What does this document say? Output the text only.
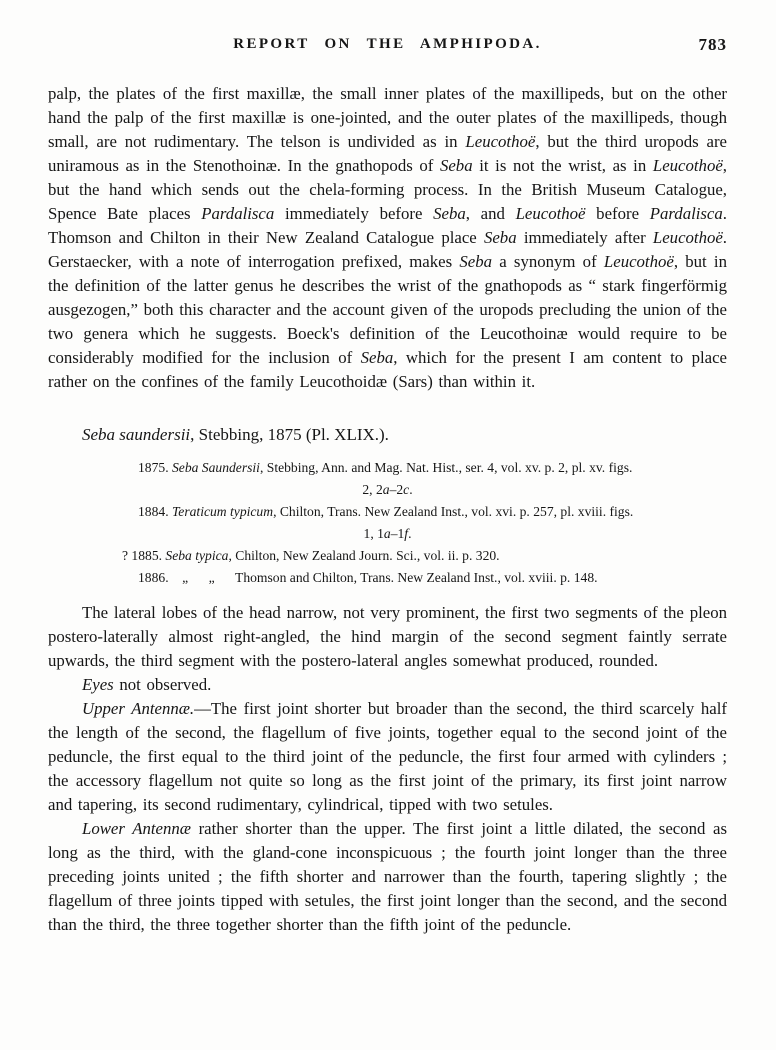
REPORT ON THE AMPHIPODA.	783

palp, the plates of the first maxillæ, the small inner plates of the maxillipeds, but on the other hand the palp of the first maxillæ is one-jointed, and the outer plates of the maxillipeds, though small, are not rudimentary. The telson is undivided as in Leucothoë, but the third uropods are uniramous as in the Stenothoinæ. In the gnathopods of Seba it is not the wrist, as in Leucothoë, but the hand which sends out the chela-forming process. In the British Museum Catalogue, Spence Bate places Pardalisca immediately before Seba, and Leucothoë before Pardalisca. Thomson and Chilton in their New Zealand Catalogue place Seba immediately after Leucothoë. Gerstaecker, with a note of interrogation prefixed, makes Seba a synonym of Leucothoë, but in the definition of the latter genus he describes the wrist of the gnathopods as “ stark fingerförmig ausgezogen,” both this character and the account given of the uropods precluding the union of the two genera which he suggests. Boeck's definition of the Leucothoinæ would require to be considerably modified for the inclusion of Seba, which for the present I am content to place rather on the confines of the family Leucothoidæ (Sars) than within it.

Seba saundersii, Stebbing, 1875 (Pl. XLIX.).
1875. Seba Saundersii, Stebbing, Ann. and Mag. Nat. Hist., ser. 4, vol. xv. p. 2, pl. xv. figs.
2, 2a–2c.
1884. Teraticum typicum, Chilton, Trans. New Zealand Inst., vol. xvi. p. 257, pl. xviii. figs.
1, 1a–1f.
? 1885. Seba typica, Chilton, New Zealand Journ. Sci., vol. ii. p. 320.
1886. „   „   Thomson and Chilton, Trans. New Zealand Inst., vol. xviii. p. 148.

The lateral lobes of the head narrow, not very prominent, the first two segments of the pleon postero-laterally almost right-angled, the hind margin of the second segment faintly serrate upwards, the third segment with the postero-lateral angles somewhat produced, rounded.

Eyes not observed.

Upper Antennæ.—The first joint shorter but broader than the second, the third scarcely half the length of the second, the flagellum of five joints, together equal to the second joint of the peduncle, the first equal to the third joint of the peduncle, the first four armed with cylinders ; the accessory flagellum not quite so long as the first joint of the primary, its first joint narrow and tapering, its second rudimentary, cylindrical, tipped with two setules.

Lower Antennæ rather shorter than the upper. The first joint a little dilated, the second as long as the third, with the gland-cone inconspicuous ; the fourth joint longer than the three preceding joints united ; the fifth shorter and narrower than the fourth, tapering slightly ; the flagellum of three joints tipped with setules, the first joint longer than the second, and the second than the third, the three together shorter than the fifth joint of the peduncle.
